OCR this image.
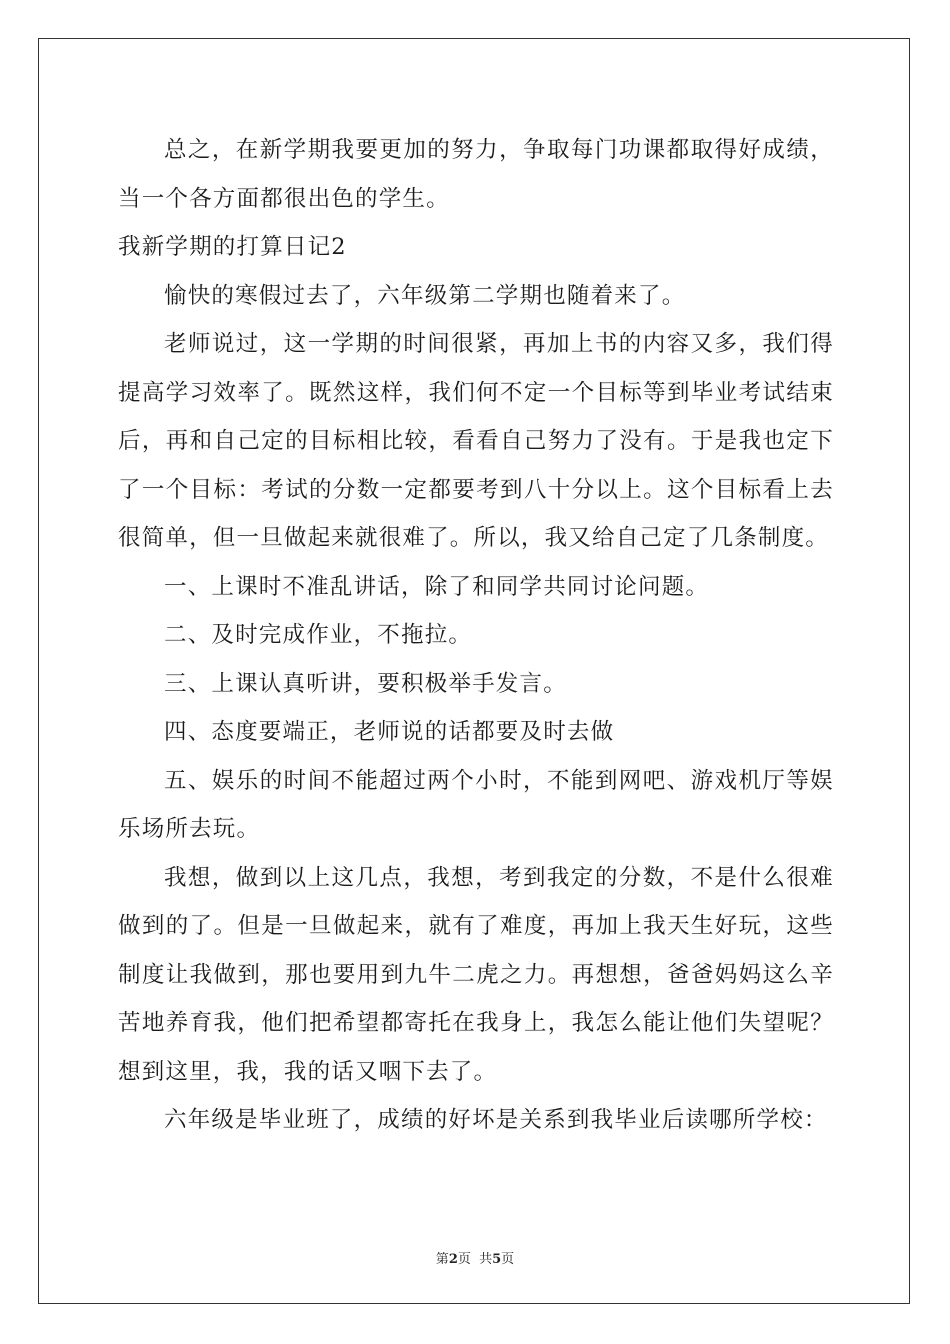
总之，在新学期我要更加的努力，争取每门功课都取得好成绩，
当一个各方面都很出色的学生。
我新学期的打算日记2
愉快的寒假过去了，六年级第二学期也随着来了。
老师说过，这一学期的时间很紧，再加上书的内容又多，我们得
提高学习效率了。既然这样，我们何不定一个目标等到毕业考试结束
后，再和自己定的目标相比较，看看自己努力了没有。于是我也定下
了一个目标：考试的分数一定都要考到八十分以上。这个目标看上去
很简单，但一旦做起来就很难了。所以，我又给自己定了几条制度。
一、上课时不准乱讲话，除了和同学共同讨论问题。
二、及时完成作业，不拖拉。
三、上课认真听讲，要积极举手发言。
四、态度要端正，老师说的话都要及时去做
五、娱乐的时间不能超过两个小时，不能到网吧、游戏机厅等娱
乐场所去玩。
我想，做到以上这几点，我想，考到我定的分数，不是什么很难
做到的了。但是一旦做起来，就有了难度，再加上我天生好玩，这些
制度让我做到，那也要用到九牛二虎之力。再想想，爸爸妈妈这么辛
苦地养育我，他们把希望都寄托在我身上，我怎么能让他们失望呢？
想到这里，我，我的话又咽下去了。
六年级是毕业班了，成绩的好坏是关系到我毕业后读哪所学校：
第2页  共5页
